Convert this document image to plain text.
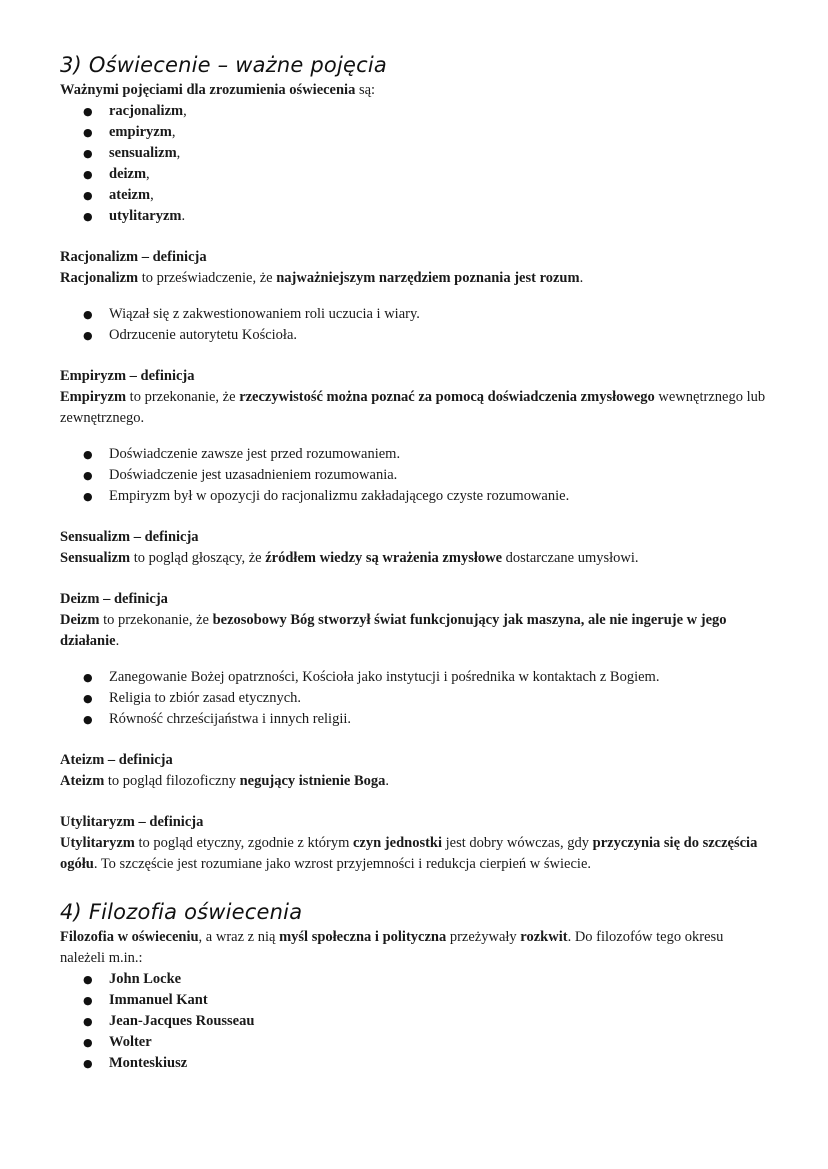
3) Oświecenie – ważne pojęcia

Ważnymi pojęciami dla zrozumienia oświecenia są:

● racjonalizm,
● empiryzm,
● sensualizm,
● deizm,
● ateizm,
● utylitaryzm.

Racjonalizm – definicja

Racjonalizm to przeświadczenie, że najważniejszym narzędziem poznania jest rozum.

● Wiązał się z zakwestionowaniem roli uczucia i wiary.
● Odrzucenie autorytetu Kościoła.

Empiryzm – definicja

Empiryzm to przekonanie, że rzeczywistość można poznać za pomocą doświadczenia zmysłowego wewnętrznego lub zewnętrznego.

● Doświadczenie zawsze jest przed rozumowaniem.
● Doświadczenie jest uzasadnieniem rozumowania.
● Empiryzm był w opozycji do racjonalizmu zakładającego czyste rozumowanie.

Sensualizm – definicja

Sensualizm to pogląd głoszący, że źródłem wiedzy są wrażenia zmysłowe dostarczane umysłowi.

Deizm – definicja

Deizm to przekonanie, że bezosobowy Bóg stworzył świat funkcjonujący jak maszyna, ale nie ingeruje w jego działanie.

● Zanegowanie Bożej opatrzności, Kościoła jako instytucji i pośrednika w kontaktach z Bogiem.
● Religia to zbiór zasad etycznych.
● Równość chrześcijaństwa i innych religii.

Ateizm – definicja

Ateizm to pogląd filozoficzny negujący istnienie Boga.

Utylitaryzm – definicja

Utylitaryzm to pogląd etyczny, zgodnie z którym czyn jednostki jest dobry wówczas, gdy przyczynia się do szczęścia ogółu. To szczęście jest rozumiane jako wzrost przyjemności i redukcja cierpień w świecie.

4) Filozofia oświecenia

Filozofia w oświeceniu, a wraz z nią myśl społeczna i polityczna przeżywały rozkwit. Do filozofów tego okresu należeli m.in.:

● John Locke
● Immanuel Kant
● Jean-Jacques Rousseau
● Wolter
● Monteskiusz
